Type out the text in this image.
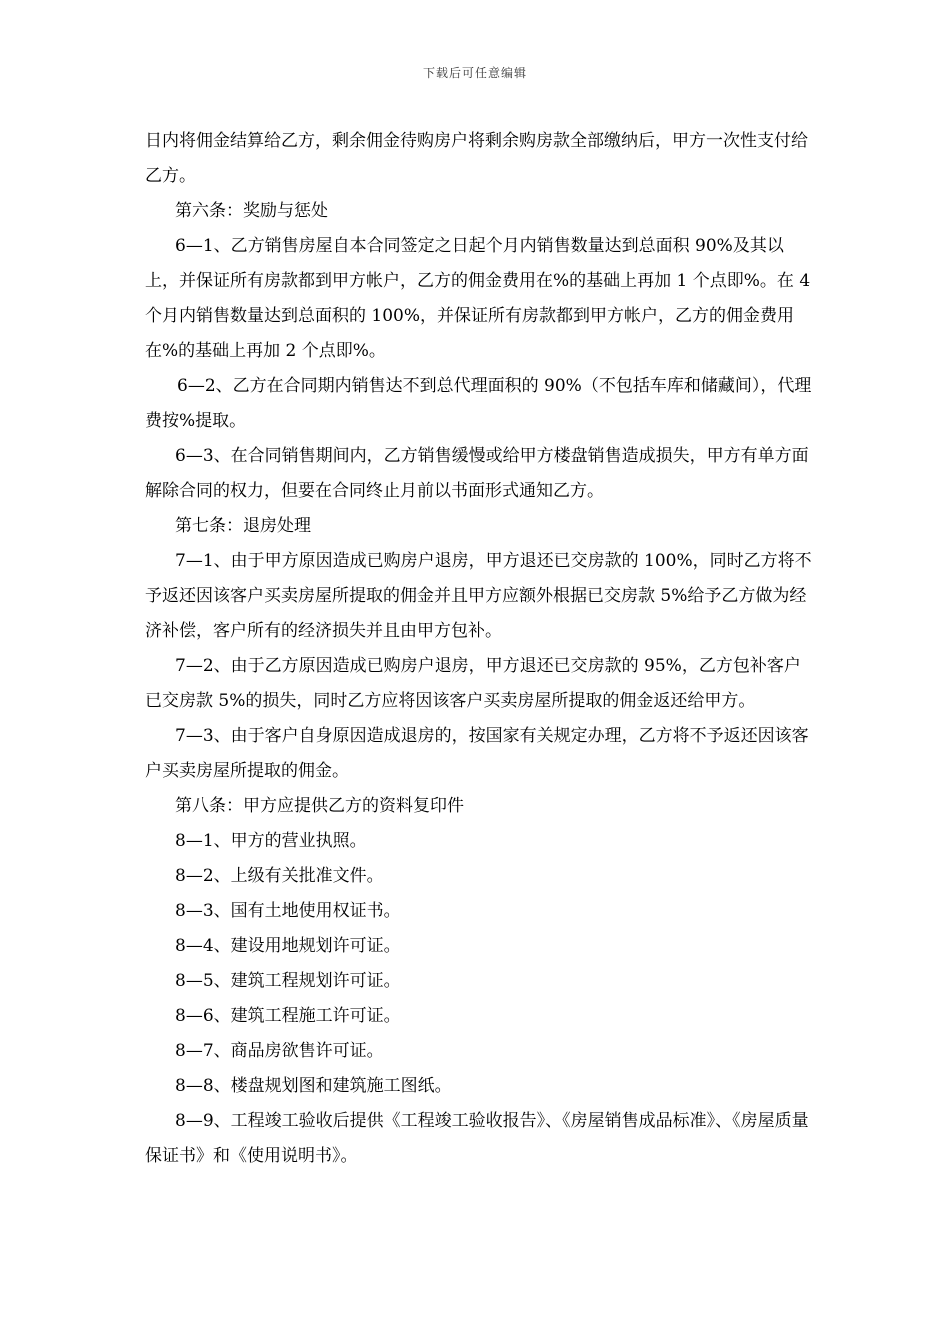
下载后可任意编辑

日内将佣金结算给乙方，剩余佣金待购房户将剩余购房款全部缴纳后，甲方一次性支付给乙方。

第六条：奖励与惩处

6—1、乙方销售房屋自本合同签定之日起个月内销售数量达到总面积 90%及其以上，并保证所有房款都到甲方帐户，乙方的佣金费用在%的基础上再加 1 个点即%。在 4 个月内销售数量达到总面积的 100%，并保证所有房款都到甲方帐户，乙方的佣金费用在%的基础上再加 2 个点即%。

6—2、乙方在合同期内销售达不到总代理面积的 90%（不包括车库和储藏间），代理费按%提取。

6—3、在合同销售期间内，乙方销售缓慢或给甲方楼盘销售造成损失，甲方有单方面解除合同的权力，但要在合同终止月前以书面形式通知乙方。

第七条：退房处理

7—1、由于甲方原因造成已购房户退房，甲方退还已交房款的 100%，同时乙方将不予返还因该客户买卖房屋所提取的佣金并且甲方应额外根据已交房款 5%给予乙方做为经济补偿，客户所有的经济损失并且由甲方包补。

7—2、由于乙方原因造成已购房户退房，甲方退还已交房款的 95%，乙方包补客户已交房款 5%的损失，同时乙方应将因该客户买卖房屋所提取的佣金返还给甲方。

7—3、由于客户自身原因造成退房的，按国家有关规定办理，乙方将不予返还因该客户买卖房屋所提取的佣金。

第八条：甲方应提供乙方的资料复印件

8—1、甲方的营业执照。

8—2、上级有关批准文件。

8—3、国有土地使用权证书。

8—4、建设用地规划许可证。

8—5、建筑工程规划许可证。

8—6、建筑工程施工许可证。

8—7、商品房欲售许可证。

8—8、楼盘规划图和建筑施工图纸。

8—9、工程竣工验收后提供《工程竣工验收报告》、《房屋销售成品标准》、《房屋质量保证书》和《使用说明书》。
